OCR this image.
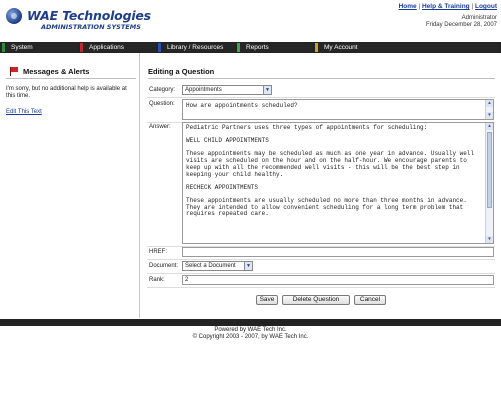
WAE Technologies
ADMINISTRATION SYSTEMS
Home | Help & Training | Logout
Administrator
Friday December 28, 2007
System	Applications	Library / Resources	Reports	My Account
Messages & Alerts
I'm sorry, but no additional help is available at this time.
Edit This Text
Editing a Question
Category:	Appointments	▼
Question:	How are appointments scheduled?	▲
▼
Answer:	Pediatric Partners uses three types of appointments for scheduling:

WELL CHILD APPOINTMENTS

These appointments may be scheduled as much as one year in advance. Usually well visits are scheduled on the hour and on the half-hour. We encourage parents to keep up with all the recommended well visits - this will be the best step in keeping your child healthy.

RECHECK APPOINTMENTS

These appointments are usually scheduled no more than three months in advance. They are intended to allow convenient scheduling for a long term problem that requires repeated care.

▲
▼
HREF:
Document:	Select a Document	▼
Rank:	2
Save	Delete Question	Cancel
Powered by WAE Tech Inc.
© Copyright 2003 - 2007, by WAE Tech Inc.
